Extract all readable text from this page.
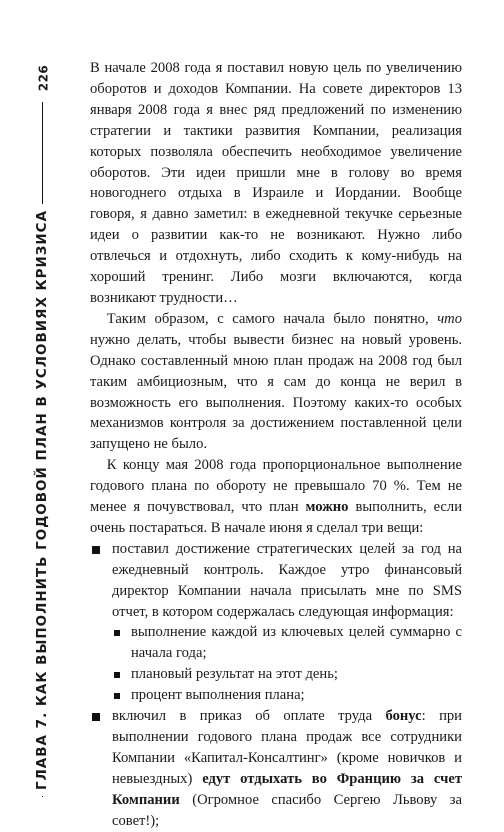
226
ГЛАВА 7. КАК ВЫПОЛНИТЬ ГОДОВОЙ ПЛАН В УСЛОВИЯХ КРИЗИСА

В начале 2008 года я поставил новую цель по увеличению оборотов и доходов Компании. На совете директоров 13 января 2008 года я внес ряд предложений по изменению стратегии и тактики развития Компании, реализация которых позволяла обеспечить необходимое увеличение оборотов. Эти идеи пришли мне в голову во время новогоднего отдыха в Израиле и Иордании. Вообще говоря, я давно заметил: в ежедневной текучке серьезные идеи о развитии как-то не возникают. Нужно либо отвлечься и отдохнуть, либо сходить к кому-нибудь на хороший тренинг. Либо мозги включаются, когда возникают трудности…

Таким образом, с самого начала было понятно, что нужно делать, чтобы вывести бизнес на новый уровень. Однако составленный мною план продаж на 2008 год был таким амбициозным, что я сам до конца не верил в возможность его выполнения. Поэтому каких-то особых механизмов контроля за достижением поставленной цели запущено не было.

К концу мая 2008 года пропорциональное выполнение годового плана по обороту не превышало 70 %. Тем не менее я почувствовал, что план можно выполнить, если очень постараться. В начале июня я сделал три вещи:

поставил достижение стратегических целей за год на ежедневный контроль. Каждое утро финансовый директор Компании начала присылать мне по SMS отчет, в котором содержалась следующая информация:
выполнение каждой из ключевых целей суммарно с начала года;
плановый результат на этот день;
процент выполнения плана;
включил в приказ об оплате труда бонус: при выполнении годового плана продаж все сотрудники Компании «Капитал-Консалтинг» (кроме новичков и невыездных) едут отдыхать во Францию за счет Компании (Огромное спасибо Сергею Львову за совет!);
